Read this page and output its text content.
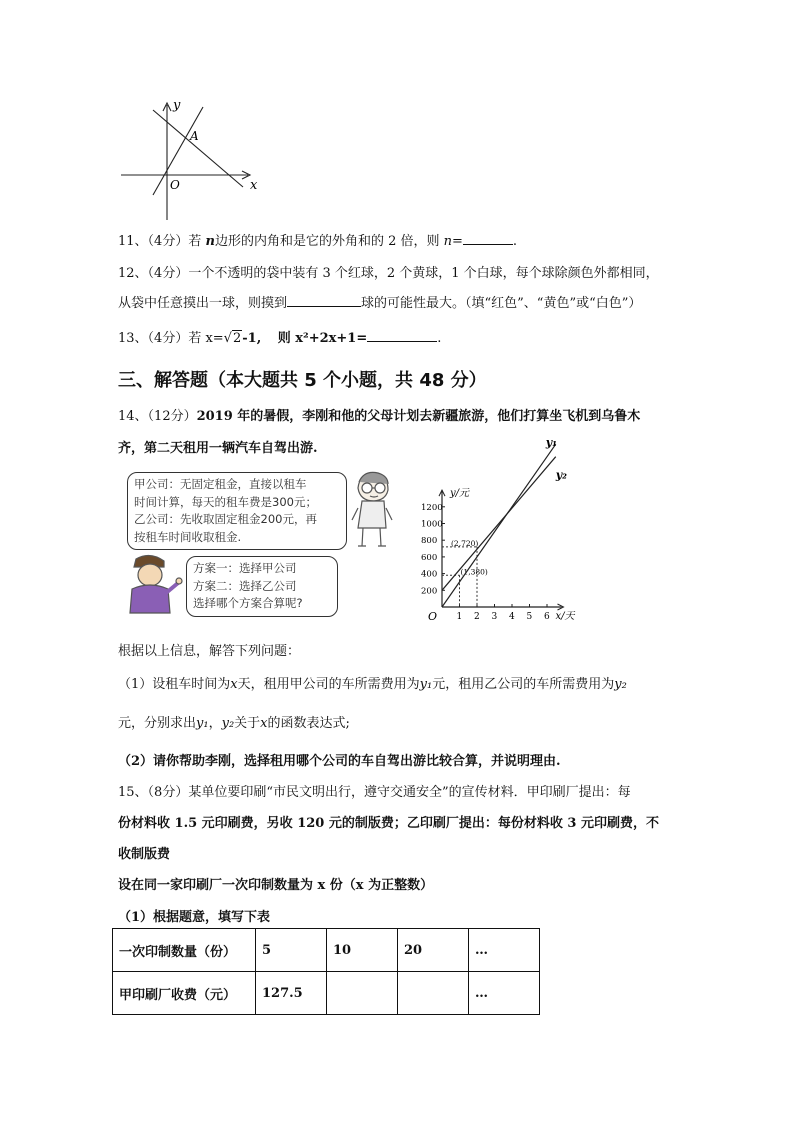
y
x
O
A
11、（4分）若 n边形的内角和是它的外角和的 2 倍，则 n=	.
12、（4分）一个不透明的袋中装有 3 个红球，2 个黄球，1 个白球，每个球除颜色外都相同，
从袋中任意摸出一球，则摸到	球的可能性最大。（填“红色”、“黄色”或“白色”）
13、（4分）若 x=√2-1, 则 x²+2x+1=	.
三、解答题（本大题共 5 个小题，共 48 分）
14、（12分）2019 年的暑假，李刚和他的父母计划去新疆旅游，他们打算坐飞机到乌鲁木
齐，第二天租用一辆汽车自驾出游.
甲公司：无固定租金，直接以租车
时间计算，每天的租车费是300元；
乙公司：先收取固定租金200元，再
按租车时间收取租金.
方案一：选择甲公司
方案二：选择乙公司
选择哪个方案合算呢?
y/元
x/天
O 1 2 3 4 5 6
200
400
600
800
1000
1200
(2,720)
(1,380)
y₁
y₂
根据以上信息，解答下列问题：
（1）设租车时间为x天，租用甲公司的车所需费用为y₁元，租用乙公司的车所需费用为y₂
元，分别求出y₁，y₂关于x的函数表达式;
（2）请你帮助李刚，选择租用哪个公司的车自驾出游比较合算，并说明理由.
15、（8分）某单位要印刷“市民文明出行，遵守交通安全”的宣传材料．甲印刷厂提出：每
份材料收 1.5 元印刷费，另收 120 元的制版费；乙印刷厂提出：每份材料收 3 元印刷费，不
收制版费
设在同一家印刷厂一次印制数量为 x 份（x 为正整数）
（1）根据题意，填写下表
一次印制数量（份）	5	10	20	…
甲印刷厂收费（元）	127.5			…
